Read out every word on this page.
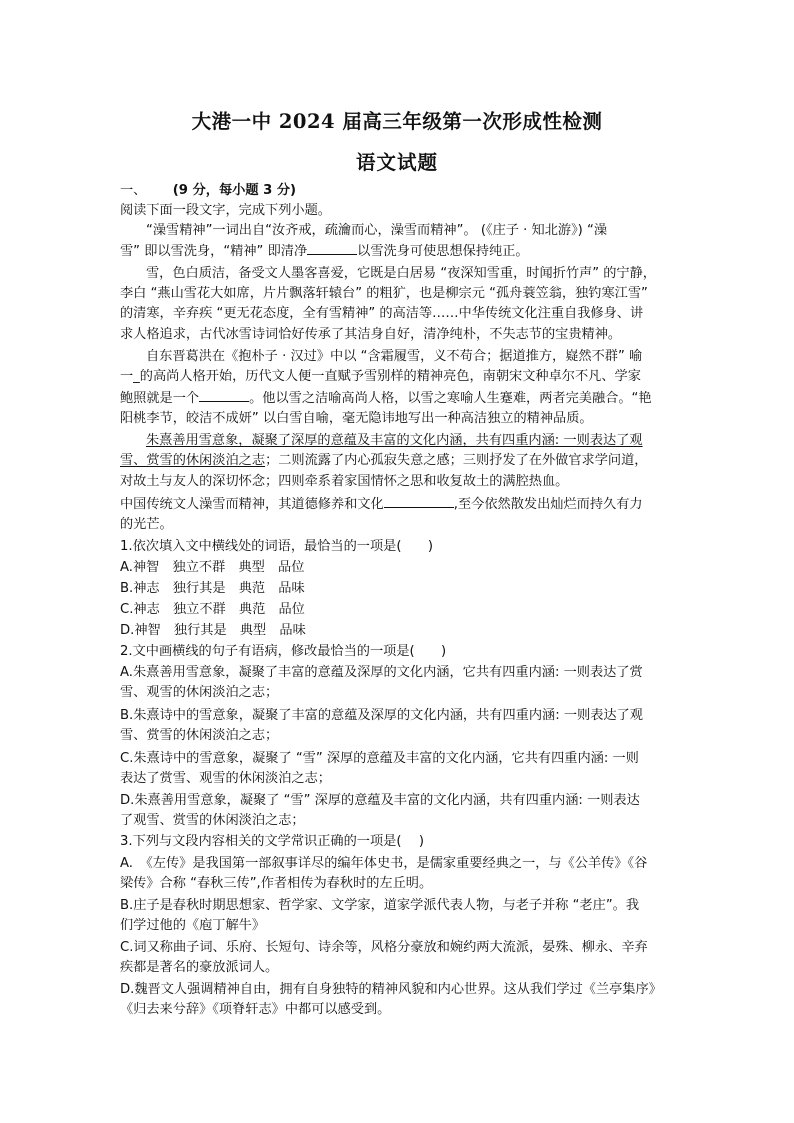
大港一中 2024 届高三年级第一次形成性检测
语文试题
一、 (9 分，每小题 3 分)
阅读下面一段文字，完成下列小题。
“澡雪精神”一词出自“汝齐戒，疏瀹而心，澡雪而精神”。 (《庄子 · 知北游》) “澡
雪” 即以雪洗身，“精神” 即清净	以雪洗身可使思想保持纯正。
雪，色白质洁，备受文人墨客喜爱，它既是白居易 “夜深知雪重，时闻折竹声” 的宁静，
李白 “燕山雪花大如席，片片飘落轩辕台” 的粗犷，也是柳宗元 “孤舟蓑笠翁，独钓寒江雪”
的清寒，辛弃疾 “更无花态度，全有雪精神” 的高洁等……中华传统文化注重自我修身、讲
求人格追求，古代冰雪诗词恰好传承了其洁身自好，清净纯朴，不失志节的宝贵精神。
自东晋葛洪在《抱朴子 · 汉过》中以 “含霜履雪，义不苟合；据道推方，嶷然不群” 喻
一_的高尚人格开始，历代文人便一直赋予雪别样的精神亮色，南朝宋文种卓尔不凡、学家
鲍照就是一个	。他以雪之洁喻高尚人格，以雪之寒喻人生蹇难，两者完美融合。“艳
阳桃李节，皎洁不成妍” 以白雪自喻，毫无隐讳地写出一种高洁独立的精神品质。
朱熹善用雪意象，凝聚了深厚的意蕴及丰富的文化内涵，共有四重内涵: 一则表达了观
雪、赏雪的休闲淡泊之志；二则流露了内心孤寂失意之感；三则抒发了在外做官求学问道，
对故土与友人的深切怀念；四则牵系着家国情怀之思和收复故土的满腔热血。
中国传统文人澡雪而精神，其道德修养和文化	,至今依然散发出灿烂而持久有力
的光芒。
1.依次填入文中横线处的词语，最恰当的一项是(　　)
A.神智　独立不群　典型　品位
B.神志　独行其是　典范　品味
C.神志　独立不群　典范　品位
D.神智　独行其是　典型　品味
2.文中画横线的句子有语病，修改最恰当的一项是(　　)
A.朱熹善用雪意象，凝聚了丰富的意蕴及深厚的文化内涵，它共有四重内涵: 一则表达了赏
雪、观雪的休闲淡泊之志；
B.朱熹诗中的雪意象，凝聚了丰富的意蕴及深厚的文化内涵，共有四重内涵: 一则表达了观
雪、赏雪的休闲淡泊之志；
C.朱熹诗中的雪意象，凝聚了 “雪” 深厚的意蕴及丰富的文化内涵，它共有四重内涵: 一则
表达了赏雪、观雪的休闲淡泊之志；
D.朱熹善用雪意象，凝聚了 “雪” 深厚的意蕴及丰富的文化内涵，共有四重内涵: 一则表达
了观雪、赏雪的休闲淡泊之志；
3.下列与文段内容相关的文学常识正确的一项是(　 )
A.　《左传》是我国第一部叙事详尽的编年体史书，是儒家重要经典之一，与《公羊传》《谷
梁传》合称 “春秋三传”,作者相传为春秋时的左丘明。
B.庄子是春秋时期思想家、哲学家、文学家，道家学派代表人物，与老子并称 “老庄”。我
们学过他的《庖丁解牛》
C.词又称曲子词、乐府、长短句、诗余等，风格分豪放和婉约两大流派，晏殊、柳永、辛弃
疾都是著名的豪放派词人。
D.魏晋文人强调精神自由，拥有自身独特的精神风貌和内心世界。这从我们学过《兰亭集序》
《归去来兮辞》《项脊轩志》中都可以感受到。
